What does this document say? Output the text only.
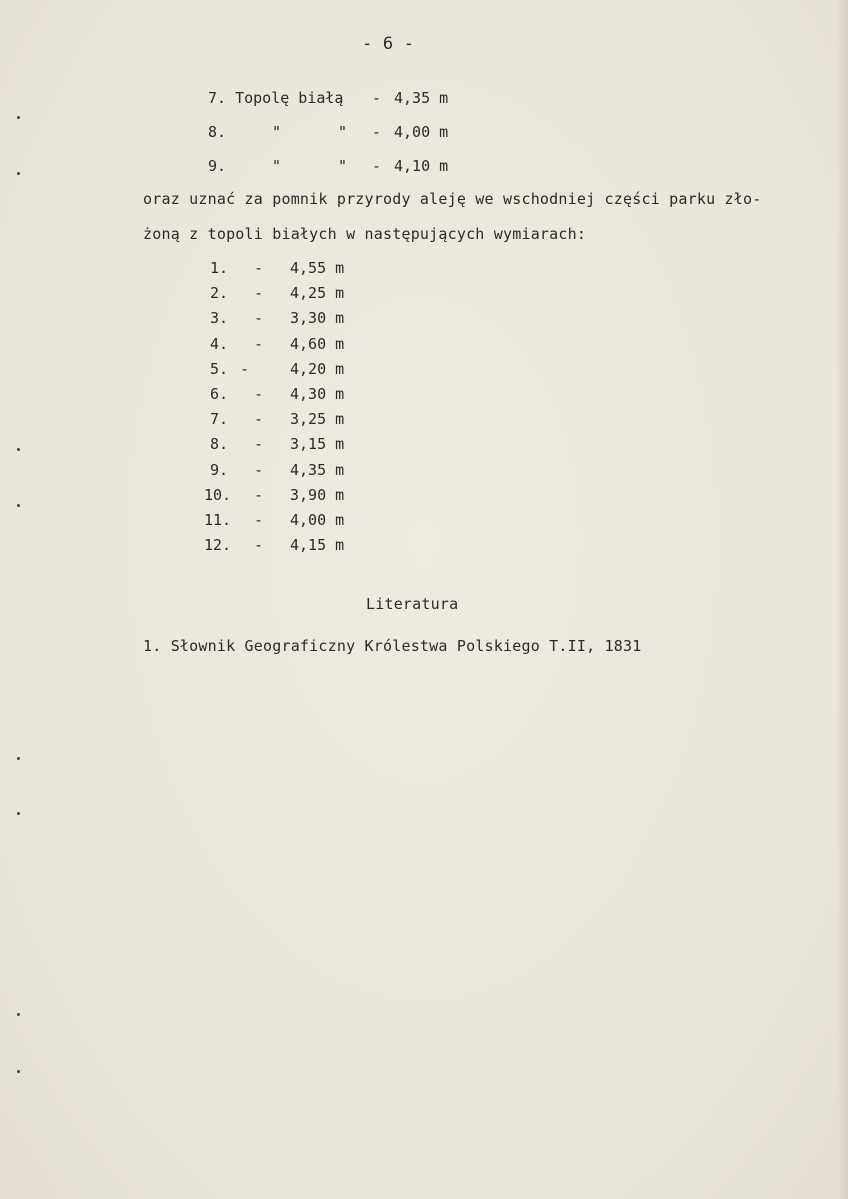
- 6 -
7. Topolę białą - 4,35 m
8.	"	" - 4,00 m
9.	"	" - 4,10 m
oraz uznać za pomnik przyrody aleję we wschodniej części parku zło-
żoną z topoli białych w następujących wymiarach:
1. - 4,55 m
2. - 4,25 m
3. - 3,30 m
4. - 4,60 m
5. -	4,20 m
6. - 4,30 m
7. - 3,25 m
8. - 3,15 m
9. - 4,35 m
10. - 3,90 m
11. - 4,00 m
12. - 4,15 m
Literatura
1. Słownik Geograficzny Królestwa Polskiego T.II, 1831
